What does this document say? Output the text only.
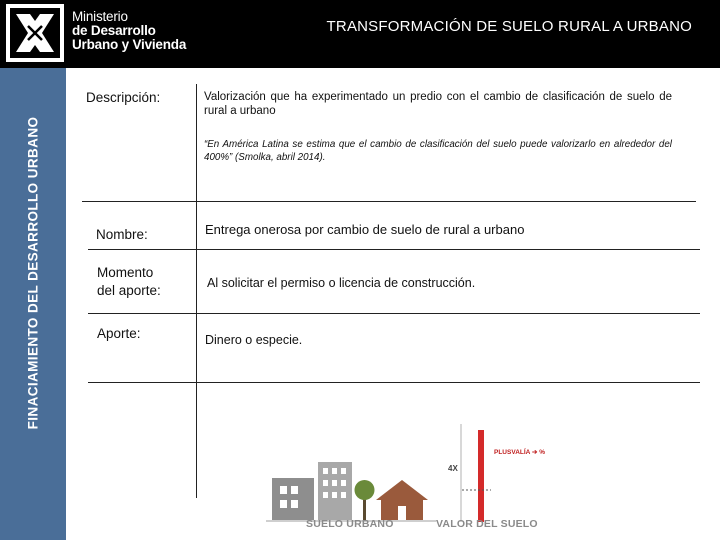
Ministerio
de Desarrollo
Urbano y Vivienda
TRANSFORMACIÓN DE SUELO RURAL A URBANO
FINACIAMIENTO DEL DESARROLLO URBANO
Descripción:	Valorización que ha experimentado un predio con el cambio de clasificación de suelo de rural a urbano
“En América Latina se estima que el cambio de clasificación del suelo puede valorizarlo en alrededor del 400%” (Smolka, abril 2014).
Nombre:	Entrega onerosa por cambio de suelo de rural a urbano
Momento
del aporte:	Al solicitar el permiso o licencia de construcción.
Aporte:	Dinero o especie.
4X
PLUSVALÍA ➔ %
SUELO URBANO	VALOR DEL SUELO
